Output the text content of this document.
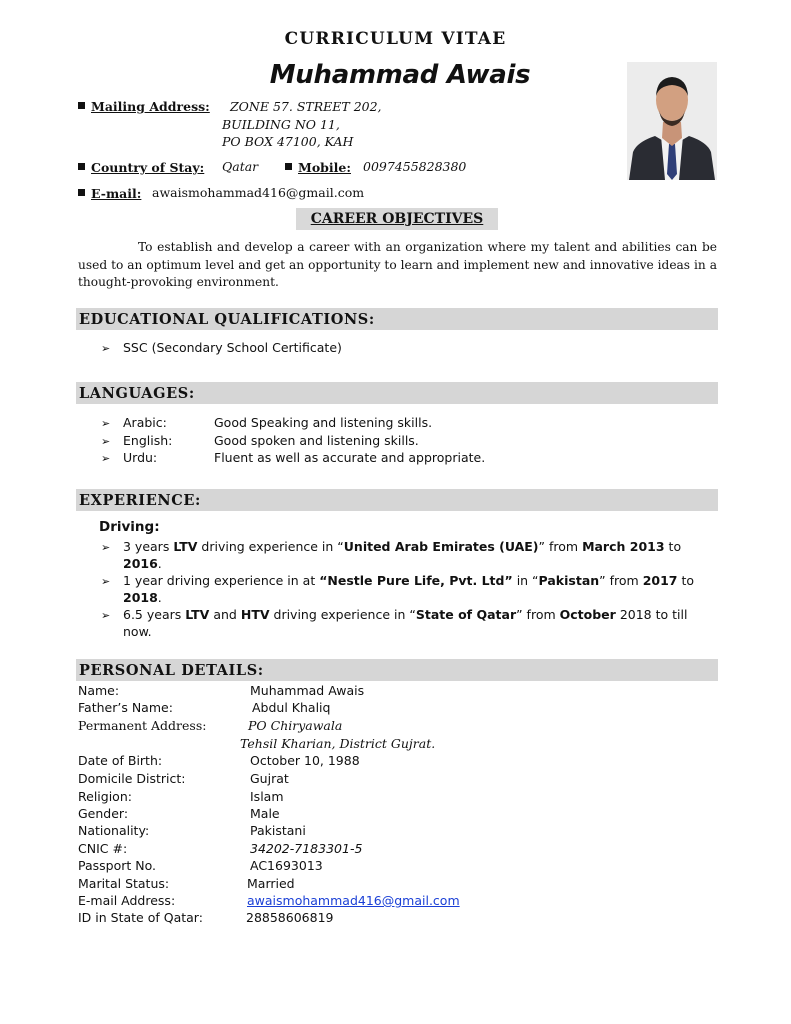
CURRICULUM VITAE
Muhammad Awais
Mailing Address: ZONE 57. STREET 202,
BUILDING NO 11,
PO BOX 47100, KAH
Country of Stay: Qatar	Mobile: 0097455828380
E-mail: awaismohammad416@gmail.com
CAREER OBJECTIVES
To establish and develop a career with an organization where my talent and abilities can be used to an optimum level and get an opportunity to learn and implement new and innovative ideas in a thought-provoking environment.
EDUCATIONAL QUALIFICATIONS:
➢ SSC (Secondary School Certificate)
LANGUAGES:
➢ Arabic:	Good Speaking and listening skills.
➢ English:	Good spoken and listening skills.
➢ Urdu:	Fluent as well as accurate and appropriate.
EXPERIENCE:
Driving:
➢ 3 years LTV driving experience in “United Arab Emirates (UAE)” from March 2013 to 2016.
➢ 1 year driving experience in at “Nestle Pure Life, Pvt. Ltd” in “Pakistan” from 2017 to 2018.
➢ 6.5 years LTV and HTV driving experience in “State of Qatar” from October 2018 to till now.
PERSONAL DETAILS:
Name:	Muhammad Awais
Father’s Name:	Abdul Khaliq
Permanent Address:	PO Chiryawala
Tehsil Kharian, District Gujrat.
Date of Birth:	October 10, 1988
Domicile District:	Gujrat
Religion:	Islam
Gender:	Male
Nationality:	Pakistani
CNIC #:	34202-7183301-5
Passport No.	AC1693013
Marital Status:	Married
E-mail Address:	awaismohammad416@gmail.com
ID in State of Qatar:	28858606819
